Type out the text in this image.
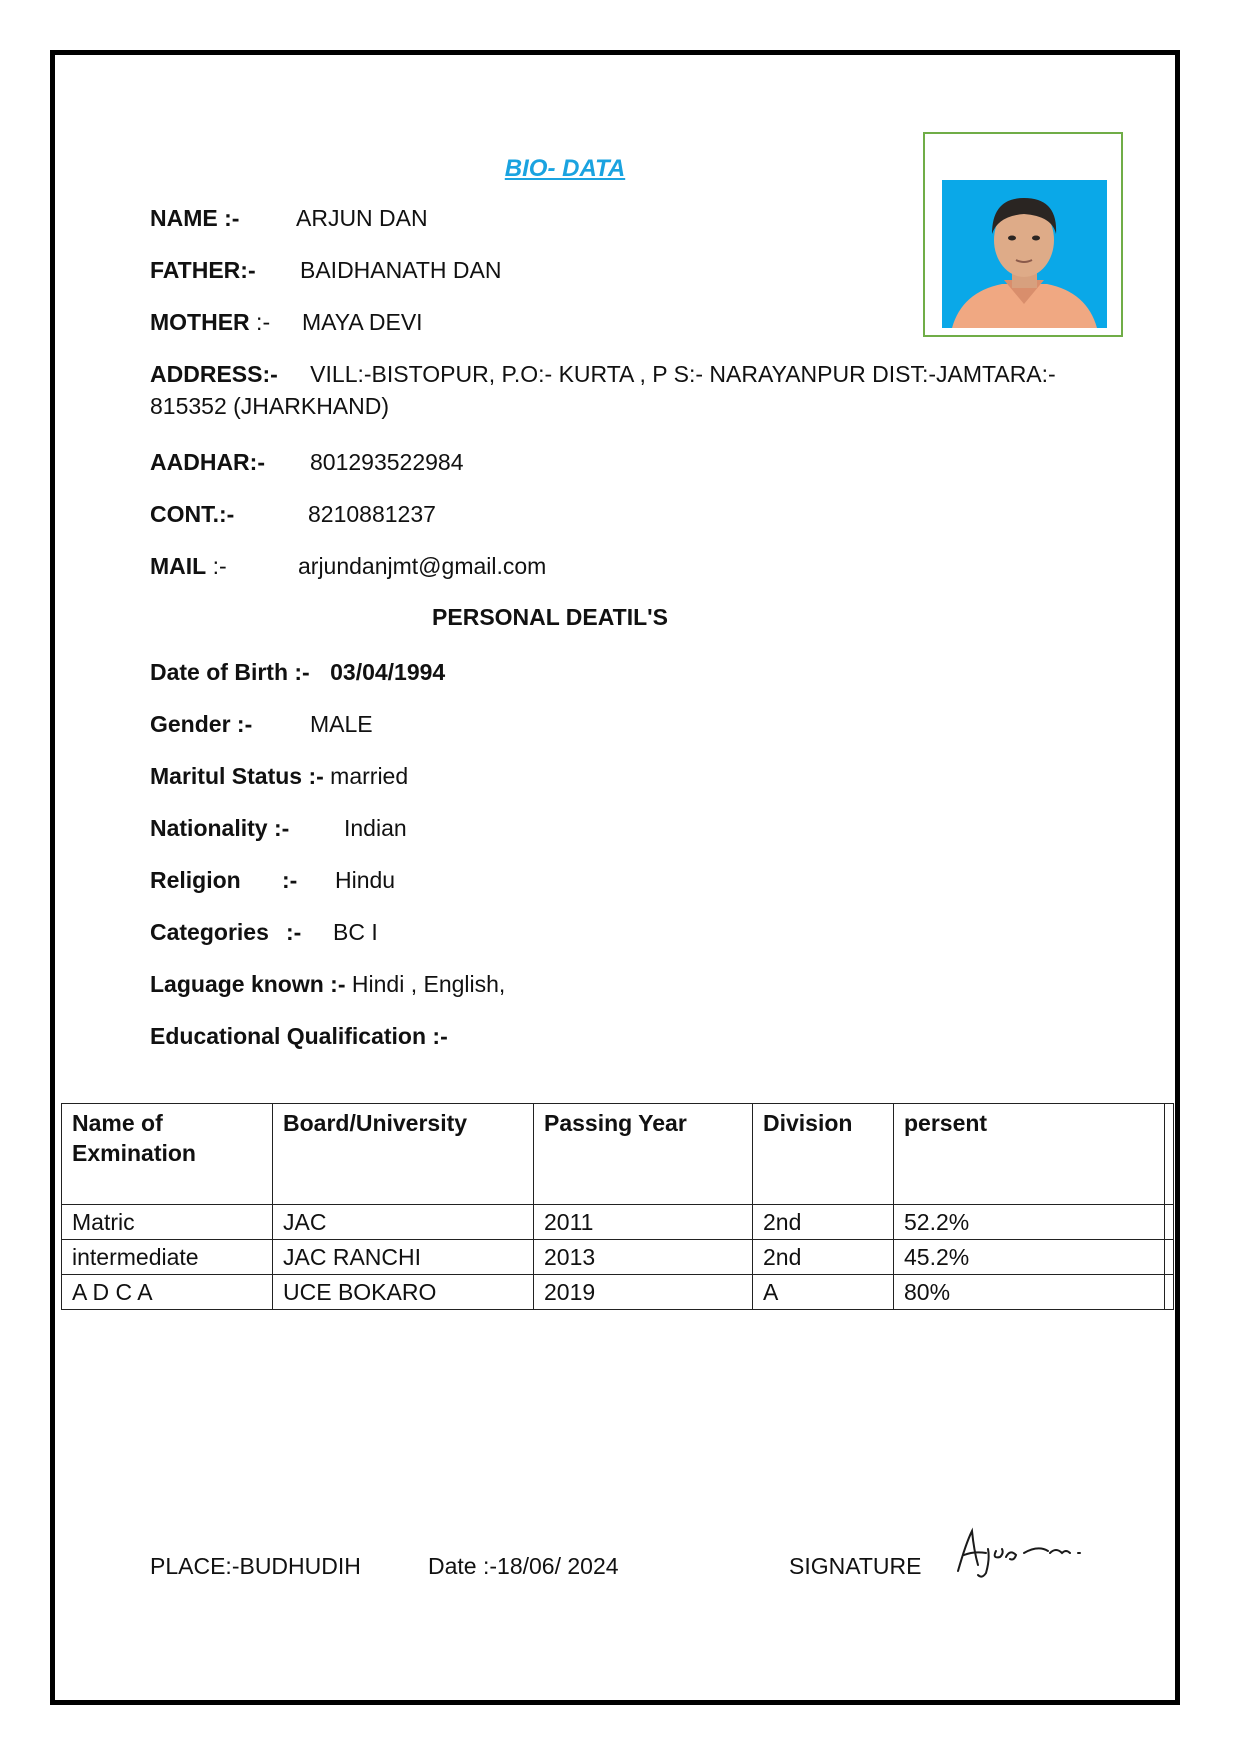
BIO- DATA
NAME :- ARJUN DAN
FATHER:- BAIDHANATH DAN
MOTHER :- MAYA DEVI
ADDRESS:- VILL:-BISTOPUR, P.O:- KURTA , P S:- NARAYANPUR DIST:-JAMTARA:-
815352 (JHARKHAND)
AADHAR:- 801293522984
CONT.:-	8210881237
MAIL :-	arjundanjmt@gmail.com
PERSONAL DEATIL'S
Date of Birth :- 03/04/1994
Gender :-	MALE
Maritul Status :- married
Nationality :- Indian
Religion :- Hindu
Categories :- BC I
Laguage known :- Hindi , English,
Educational Qualification :-
Name of Exmination	Board/University	Passing Year	Division	persent	
Matric	JAC	2011	2nd	52.2%	
intermediate	JAC RANCHI	2013	2nd	45.2%	
A D C A	UCE BOKARO	2019	A	80%	
PLACE:-BUDHUDIH	Date :-18/06/ 2024	SIGNATURE
